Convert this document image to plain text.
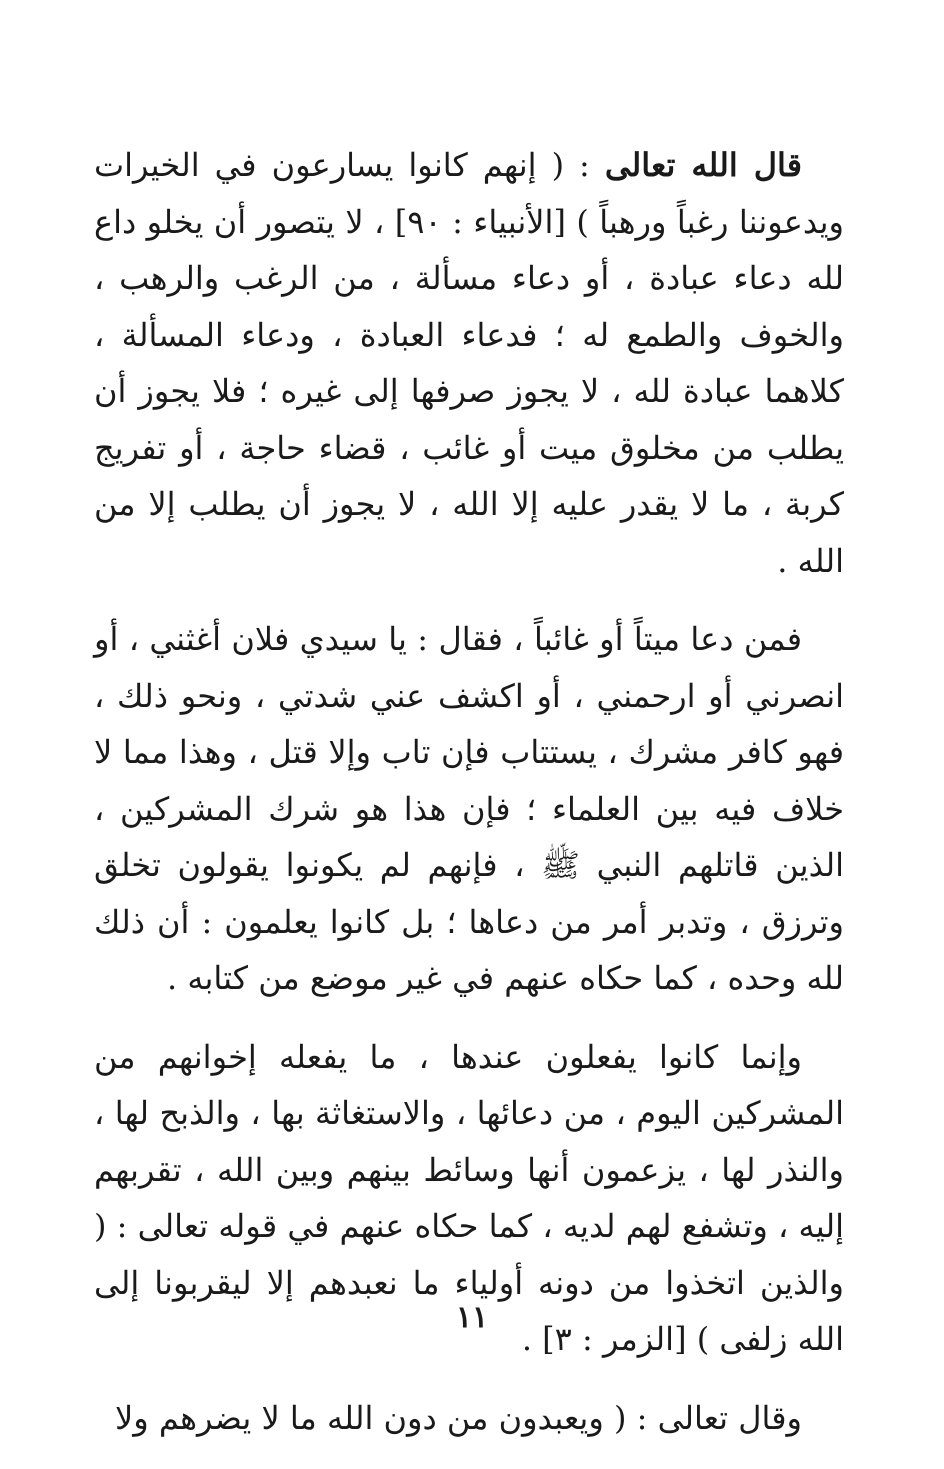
قال الله تعالى : ( إنهم كانوا يسارعون في الخيرات ويدعوننا رغباً ورهباً ) [الأنبياء : ٩٠] ، لا يتصور أن يخلو داع لله دعاء عبادة ، أو دعاء مسألة ، من الرغب والرهب ، والخوف والطمع له ؛ فدعاء العبادة ، ودعاء المسألة ، كلاهما عبادة لله ، لا يجوز صرفها إلى غيره ؛ فلا يجوز أن يطلب من مخلوق ميت أو غائب ، قضاء حاجة ، أو تفريج كربة ، ما لا يقدر عليه إلا الله ، لا يجوز أن يطلب إلا من الله .

فمن دعا ميتاً أو غائباً ، فقال : يا سيدي فلان أغثني ، أو انصرني أو ارحمني ، أو اكشف عني شدتي ، ونحو ذلك ، فهو كافر مشرك ، يستتاب فإن تاب وإلا قتل ، وهذا مما لا خلاف فيه بين العلماء ؛ فإن هذا هو شرك المشركين ، الذين قاتلهم النبي ﷺ ، فإنهم لم يكونوا يقولون تخلق وترزق ، وتدبر أمر من دعاها ؛ بل كانوا يعلمون : أن ذلك لله وحده ، كما حكاه عنهم في غير موضع من كتابه .

وإنما كانوا يفعلون عندها ، ما يفعله إخوانهم من المشركين اليوم ، من دعائها ، والاستغاثة بها ، والذبح لها ، والنذر لها ، يزعمون أنها وسائط بينهم وبين الله ، تقربهم إليه ، وتشفع لهم لديه ، كما حكاه عنهم في قوله تعالى : ( والذين اتخذوا من دونه أولياء ما نعبدهم إلا ليقربونا إلى الله زلفى ) [الزمر : ٣] .

وقال تعالى : ( ويعبدون من دون الله ما لا يضرهم ولا

١١
